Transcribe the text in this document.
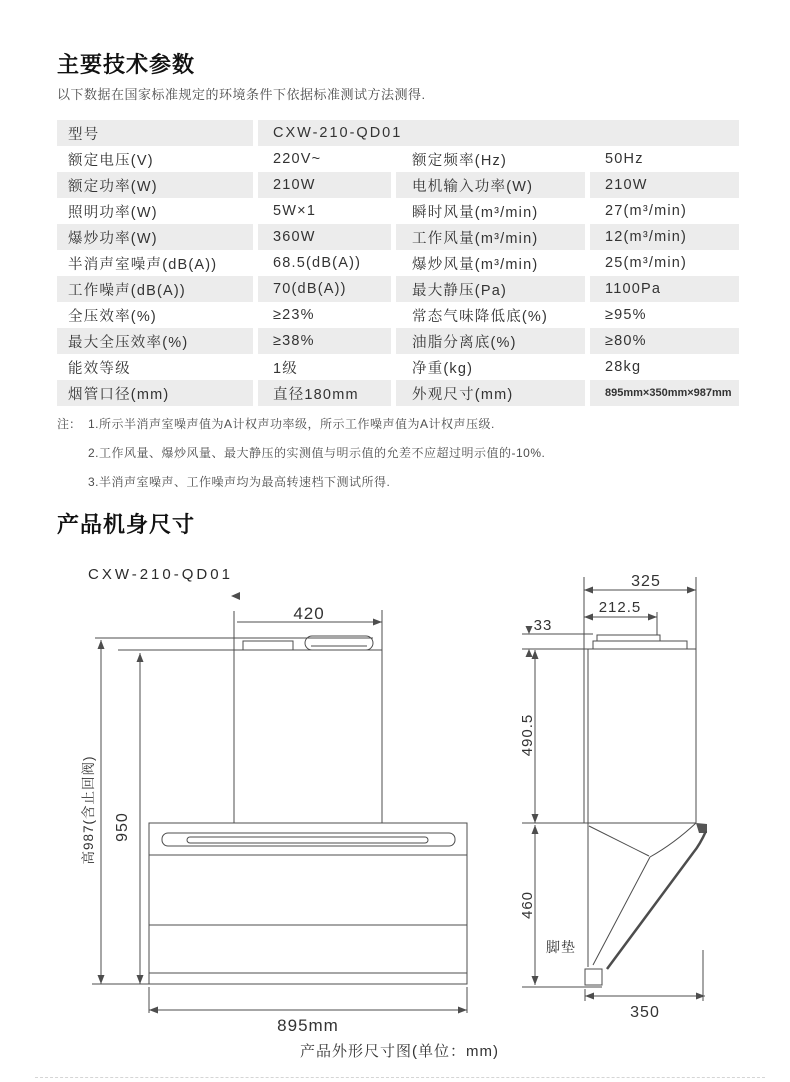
主要技术参数

以下数据在国家标准规定的环境条件下依据标准测试方法测得.

型号	CXW-210-QD01
额定电压(V)	220V~	额定频率(Hz)	50Hz
额定功率(W)	210W	电机输入功率(W)	210W
照明功率(W)	5W×1	瞬时风量(m³/min)	27(m³/min)
爆炒功率(W)	360W	工作风量(m³/min)	12(m³/min)
半消声室噪声(dB(A))	68.5(dB(A))	爆炒风量(m³/min)	25(m³/min)
工作噪声(dB(A))	70(dB(A))	最大静压(Pa)	1100Pa
全压效率(%)	≥23%	常态气味降低底(%)	≥95%
最大全压效率(%)	≥38%	油脂分离底(%)	≥80%
能效等级	1级	净重(kg)	28kg
烟管口径(mm)	直径180mm	外观尺寸(mm)	895mm×350mm×987mm
注： 1.所示半消声室噪声值为A计权声功率级，所示工作噪声值为A计权声压级.
2.工作风量、爆炒风量、最大静压的实测值与明示值的允差不应超过明示值的-10%.
3.半消声室噪声、工作噪声均为最高转速档下测试所得.
产品机身尺寸
CXW-210-QD01
420
高987(含止回阀) 950
895mm
325
212.5
33
490.5
460
脚垫
350
产品外形尺寸图(单位：mm)
